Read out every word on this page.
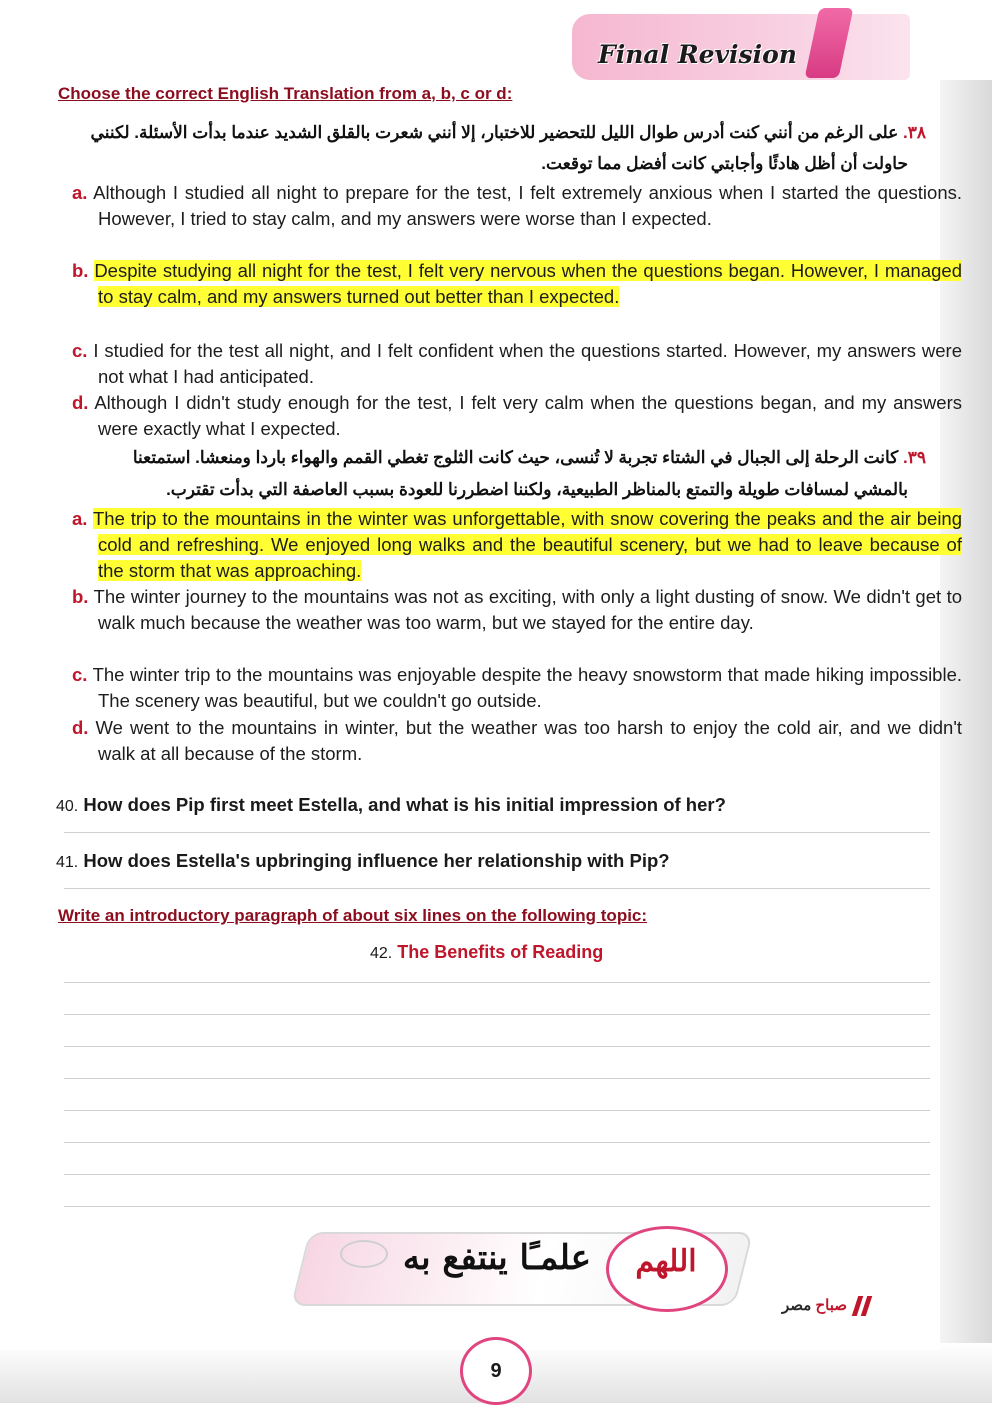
Final Revision
Choose the correct English Translation from a, b, c or d:
٣٨. على الرغم من أنني كنت أدرس طوال الليل للتحضير للاختبار، إلا أنني شعرت بالقلق الشديد عندما بدأت الأسئلة. لكنني
حاولت أن أظل هادئًا وأجابتي كانت أفضل مما توقعت.
a. Although I studied all night to prepare for the test, I felt extremely anxious when I started the questions. However, I tried to stay calm, and my answers were worse than I expected.
b. Despite studying all night for the test, I felt very nervous when the questions began. However, I managed to stay calm, and my answers turned out better than I expected.
c. I studied for the test all night, and I felt confident when the questions started. However, my answers were not what I had anticipated.
d. Although I didn't study enough for the test, I felt very calm when the questions began, and my answers were exactly what I expected.
٣٩. كانت الرحلة إلى الجبال في الشتاء تجربة لا تُنسى، حيث كانت الثلوج تغطي القمم والهواء باردا ومنعشا. استمتعنا
بالمشي لمسافات طويلة والتمتع بالمناظر الطبيعية، ولكننا اضطررنا للعودة بسبب العاصفة التي بدأت تقترب.
a. The trip to the mountains in the winter was unforgettable, with snow covering the peaks and the air being cold and refreshing. We enjoyed long walks and the beautiful scenery, but we had to leave because of the storm that was approaching.
b. The winter journey to the mountains was not as exciting, with only a light dusting of snow. We didn't get to walk much because the weather was too warm, but we stayed for the entire day.
c. The winter trip to the mountains was enjoyable despite the heavy snowstorm that made hiking impossible. The scenery was beautiful, but we couldn't go outside.
d. We went to the mountains in winter, but the weather was too harsh to enjoy the cold air, and we didn't walk at all because of the storm.
40. How does Pip first meet Estella, and what is his initial impression of her?
41. How does Estella's upbringing influence her relationship with Pip?
Write an introductory paragraph of about six lines on the following topic:
42. The Benefits of Reading
اللهم
علمـًا ينتفع به
صباح مصر
9
